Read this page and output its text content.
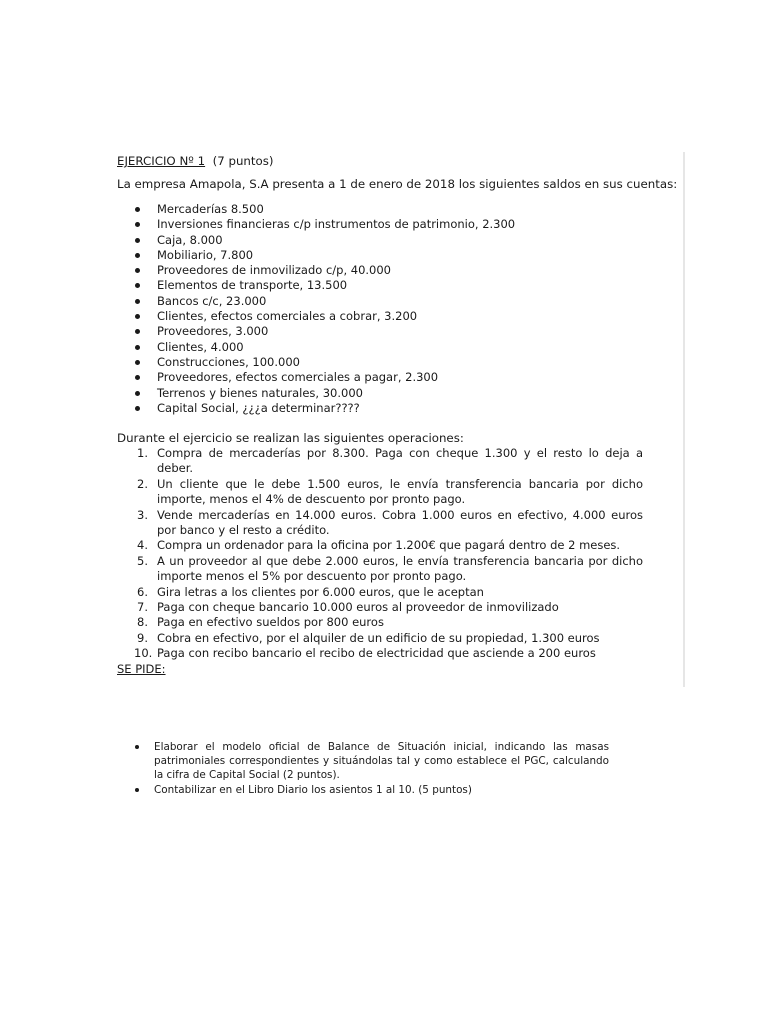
EJERCICIO Nº 1 (7 puntos)
La empresa Amapola, S.A presenta a 1 de enero de 2018 los siguientes saldos en sus cuentas:
Mercaderías 8.500
Inversiones financieras c/p instrumentos de patrimonio, 2.300
Caja, 8.000
Mobiliario, 7.800
Proveedores de inmovilizado c/p, 40.000
Elementos de transporte, 13.500
Bancos c/c, 23.000
Clientes, efectos comerciales a cobrar, 3.200
Proveedores, 3.000
Clientes, 4.000
Construcciones, 100.000
Proveedores, efectos comerciales a pagar, 2.300
Terrenos y bienes naturales, 30.000
Capital Social, ¿¿¿a determinar????
Durante el ejercicio se realizan las siguientes operaciones:
1. Compra de mercaderías por 8.300. Paga con cheque 1.300 y el resto lo deja a deber.
2. Un cliente que le debe 1.500 euros, le envía transferencia bancaria por dicho importe, menos el 4% de descuento por pronto pago.
3. Vende mercaderías en 14.000 euros. Cobra 1.000 euros en efectivo, 4.000 euros por banco y el resto a crédito.
4. Compra un ordenador para la oficina por 1.200€ que pagará dentro de 2 meses.
5. A un proveedor al que debe 2.000 euros, le envía transferencia bancaria por dicho importe menos el 5% por descuento por pronto pago.
6. Gira letras a los clientes por 6.000 euros, que le aceptan
7. Paga con cheque bancario 10.000 euros al proveedor de inmovilizado
8. Paga en efectivo sueldos por 800 euros
9. Cobra en efectivo, por el alquiler de un edificio de su propiedad, 1.300 euros
10. Paga con recibo bancario el recibo de electricidad que asciende a 200 euros
SE PIDE:
Elaborar el modelo oficial de Balance de Situación inicial, indicando las masas patrimoniales correspondientes y situándolas tal y como establece el PGC, calculando la cifra de Capital Social (2 puntos).
Contabilizar en el Libro Diario los asientos 1 al 10. (5 puntos)
